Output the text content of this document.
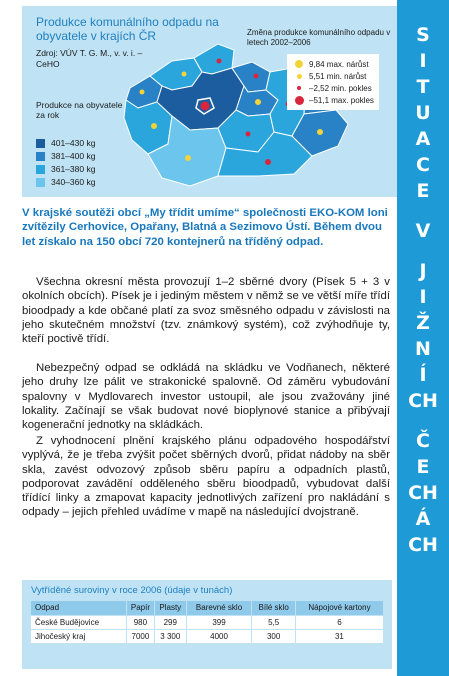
S
I
T
U
A
C
E
V
J
I
Ž
N
Í
CH
Č
E
CH
Á
CH
Produkce komunálního odpadu na obyvatele v krajích ČR
Zdroj: VÚV T. G. M., v. v. i. – CeHO
Produkce na obyvatele za rok
401–430 kg
381–400 kg
361–380 kg
340–360 kg
Změna produkce komunálního odpadu v letech 2002–2006
9,84 max. nárůst
5,51 min. nárůst
–2,52 min. pokles
–51,1 max. pokles
V krajské soutěži obcí „My třídit umíme“ společnosti EKO-KOM loni zvítězily Cerhovice, Opařany, Blatná a Sezimovo Ústí. Během dvou let získalo na 150 obcí 720 kontejnerů na tříděný odpad.
Všechna okresní města provozují 1–2 sběrné dvory (Písek 5 + 3 v okolních obcích). Písek je i jediným městem v němž se ve větší míře třídí bioodpady a kde občané platí za svoz směsného odpadu v závislosti na jeho skutečném množství (tzv. známkový systém), což zvýhodňuje ty, kteří poctivě třídí.
Nebezpečný odpad se odkládá na skládku ve Vodňanech, některé jeho druhy lze pálit ve strakonické spalovně. Od záměru vybudování spalovny v Mydlovarech investor ustoupil, ale jsou zvažovány jiné lokality. Začínají se však budovat nové bioplynové stanice a přibývají kogenerační jednotky na skládkách.
Z vyhodnocení plnění krajského plánu odpadového hospodářství vyplývá, že je třeba zvýšit počet sběrných dvorů, přidat nádoby na sběr skla, zavést odvozový způsob sběru papíru a odpadních plastů, podporovat zavádění odděleného sběru bioodpadů, vybudovat další třídící linky a zmapovat kapacity jednotlivých zařízení pro nakládání s odpady – jejich přehled uvádíme v mapě na následující dvojstraně.
Vytříděné suroviny v roce 2006 (údaje v tunách)
Odpad	Papír	Plasty	Barevné sklo	Bílé sklo	Nápojové kartony
České Budějovice	980	299	399	5,5	6
Jihočeský kraj	7000	3 300	4000	300	31
